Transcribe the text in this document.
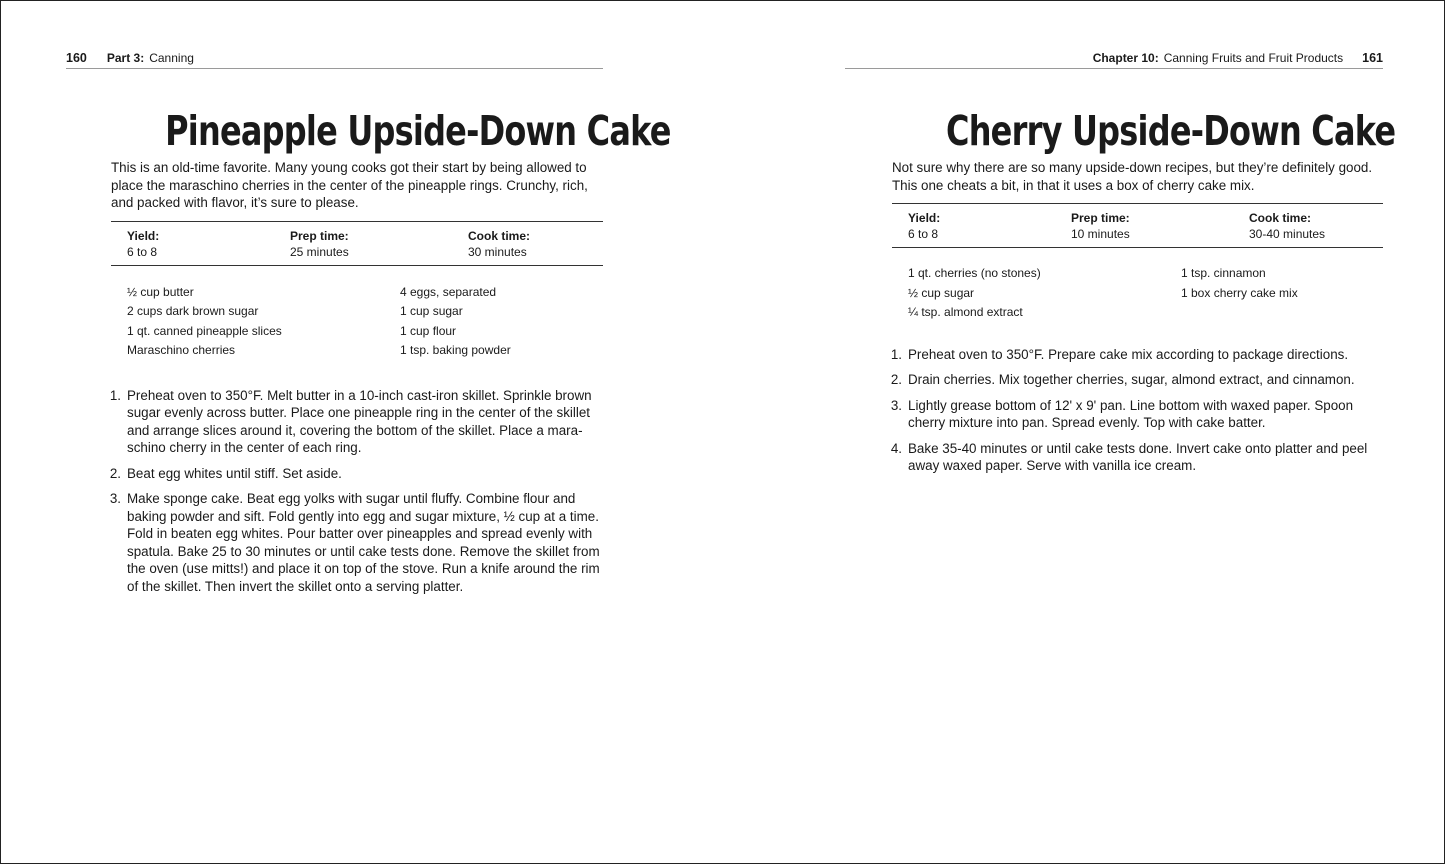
160 Part 3: Canning
Pineapple Upside-Down Cake

This is an old-time favorite. Many young cooks got their start by being allowed to place the maraschino cherries in the center of the pineapple rings. Crunchy, rich, and packed with flavor, it’s sure to please.

Yield:
6 to 8
Prep time:
25 minutes
Cook time:
30 minutes
½ cup butter
2 cups dark brown sugar
1 qt. canned pineapple slices
Maraschino cherries
4 eggs, separated
1 cup sugar
1 cup flour
1 tsp. baking powder
1. Preheat oven to 350°F. Melt butter in a 10-inch cast-iron skillet. Sprinkle brown sugar evenly across butter. Place one pineapple ring in the center of the skillet and arrange slices around it, covering the bottom of the skillet. Place a maraschino cherry in the center of each ring.
2. Beat egg whites until stiff. Set aside.
3. Make sponge cake. Beat egg yolks with sugar until fluffy. Combine flour and baking powder and sift. Fold gently into egg and sugar mixture, ½ cup at a time. Fold in beaten egg whites. Pour batter over pineapples and spread evenly with spatula. Bake 25 to 30 minutes or until cake tests done. Remove the skillet from the oven (use mitts!) and place it on top of the stove. Run a knife around the rim of the skillet. Then invert the skillet onto a serving platter.
Chapter 10: Canning Fruits and Fruit Products 161
Cherry Upside-Down Cake

Not sure why there are so many upside-down recipes, but they’re definitely good. This one cheats a bit, in that it uses a box of cherry cake mix.

Yield:
6 to 8
Prep time:
10 minutes
Cook time:
30-40 minutes
1 qt. cherries (no stones)
½ cup sugar
¼ tsp. almond extract
1 tsp. cinnamon
1 box cherry cake mix
1. Preheat oven to 350°F. Prepare cake mix according to package directions.
2. Drain cherries. Mix together cherries, sugar, almond extract, and cinnamon.
3. Lightly grease bottom of 12' x 9' pan. Line bottom with waxed paper. Spoon cherry mixture into pan. Spread evenly. Top with cake batter.
4. Bake 35-40 minutes or until cake tests done. Invert cake onto platter and peel away waxed paper. Serve with vanilla ice cream.
